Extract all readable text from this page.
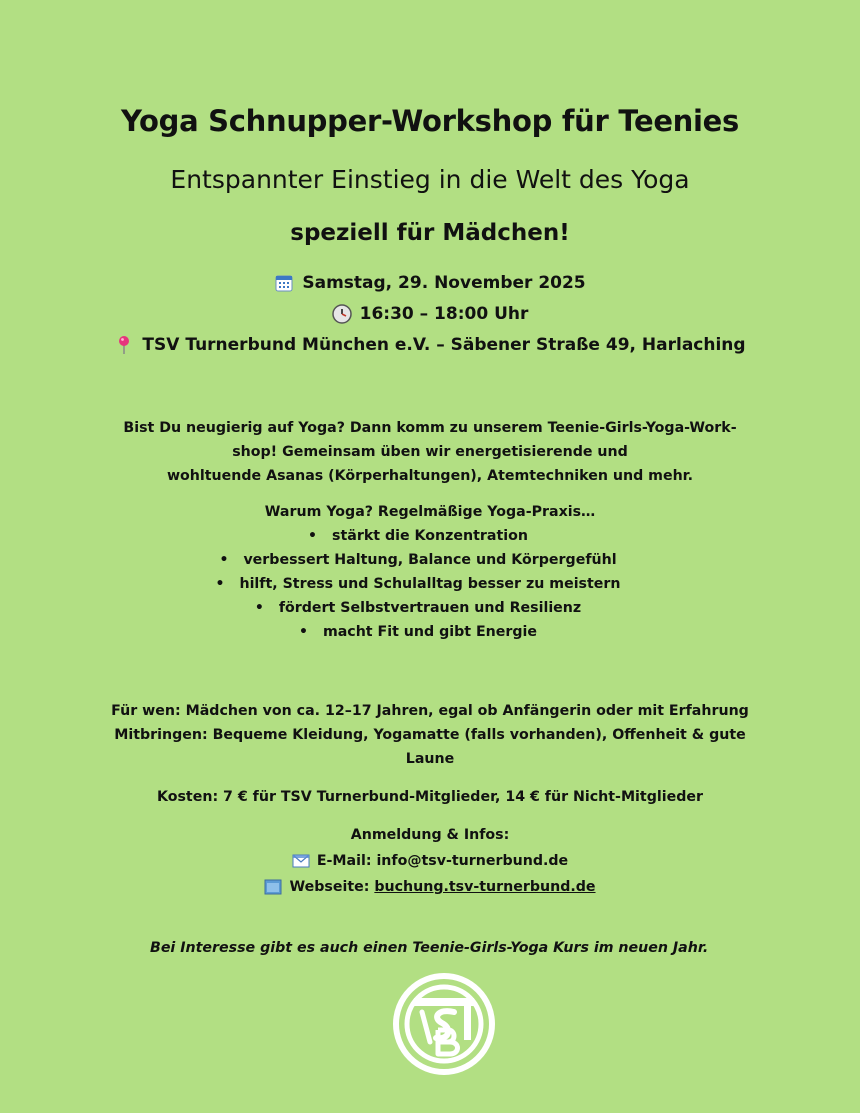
Yoga Schnupper-Workshop für Teenies
Entspannter Einstieg in die Welt des Yoga
speziell für Mädchen!
Samstag, 29. November 2025
16:30 – 18:00 Uhr
TSV Turnerbund München e.V. – Säbener Straße 49, Harlaching
Bist Du neugierig auf Yoga? Dann komm zu unserem Teenie-Girls-Yoga-Work-
shop! Gemeinsam üben wir energetisierende und
wohltuende Asanas (Körperhaltungen), Atemtechniken und mehr.
Warum Yoga? Regelmäßige Yoga-Praxis…
• stärkt die Konzentration
• verbessert Haltung, Balance und Körpergefühl
• hilft, Stress und Schulalltag besser zu meistern
• fördert Selbstvertrauen und Resilienz
• macht Fit und gibt Energie
Für wen: Mädchen von ca. 12–17 Jahren, egal ob Anfängerin oder mit Erfahrung
Mitbringen: Bequeme Kleidung, Yogamatte (falls vorhanden), Offenheit & gute
Laune
Kosten: 7 € für TSV Turnerbund-Mitglieder, 14 € für Nicht-Mitglieder
Anmeldung & Infos:
E-Mail: info@tsv-turnerbund.de
Webseite: buchung.tsv-turnerbund.de
Bei Interesse gibt es auch einen Teenie-Girls-Yoga Kurs im neuen Jahr.
